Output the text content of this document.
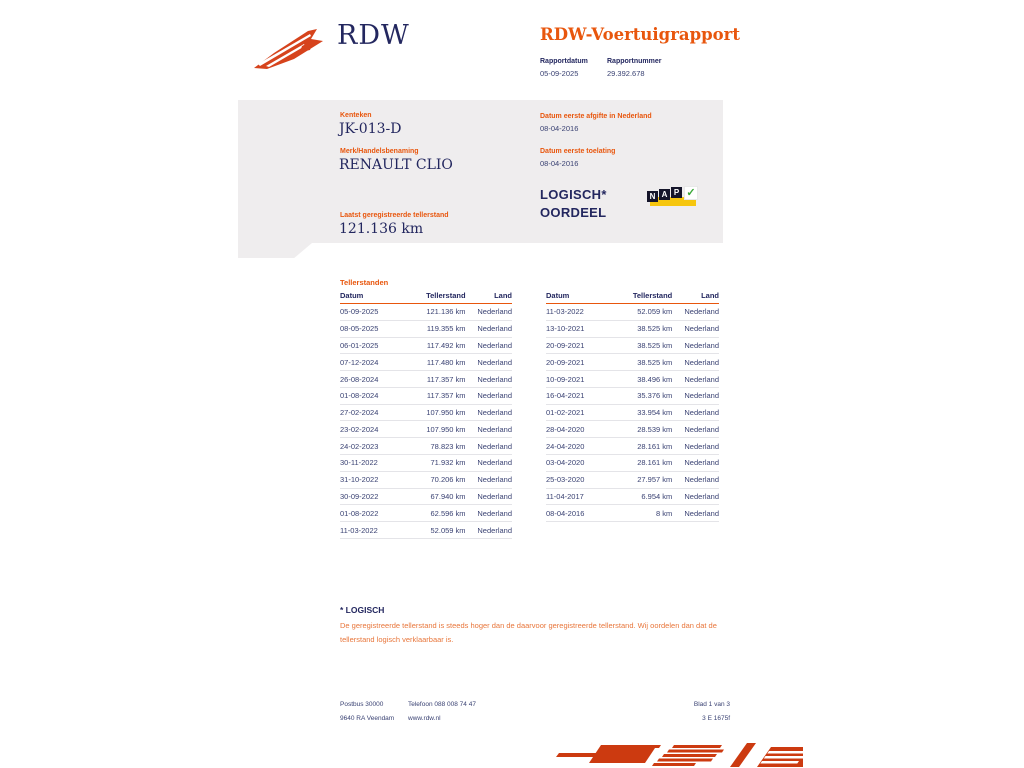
RDW	RDW-Voertuigrapport
Rapportdatum	Rapportnummer
05-09-2025	29.392.678
Kenteken
JK-013-D
Merk/Handelsbenaming
RENAULT CLIO
Laatst geregistreerde tellerstand
121.136 km
Datum eerste afgifte in Nederland
08-04-2016
Datum eerste toelating
08-04-2016
LOGISCH*
OORDEEL
N A P ✓
Tellerstanden
Datum	Tellerstand	Land
05-09-2025	121.136 km	Nederland
08-05-2025	119.355 km	Nederland
06-01-2025	117.492 km	Nederland
07-12-2024	117.480 km	Nederland
26-08-2024	117.357 km	Nederland
01-08-2024	117.357 km	Nederland
27-02-2024	107.950 km	Nederland
23-02-2024	107.950 km	Nederland
24-02-2023	78.823 km	Nederland
30-11-2022	71.932 km	Nederland
31-10-2022	70.206 km	Nederland
30-09-2022	67.940 km	Nederland
01-08-2022	62.596 km	Nederland
11-03-2022	52.059 km	Nederland
Datum	Tellerstand	Land
11-03-2022	52.059 km	Nederland
13-10-2021	38.525 km	Nederland
20-09-2021	38.525 km	Nederland
20-09-2021	38.525 km	Nederland
10-09-2021	38.496 km	Nederland
16-04-2021	35.376 km	Nederland
01-02-2021	33.954 km	Nederland
28-04-2020	28.539 km	Nederland
24-04-2020	28.161 km	Nederland
03-04-2020	28.161 km	Nederland
25-03-2020	27.957 km	Nederland
11-04-2017	6.954 km	Nederland
08-04-2016	8 km	Nederland
* LOGISCH
De geregistreerde tellerstand is steeds hoger dan de daarvoor geregistreerde tellerstand. Wij oordelen dan dat de tellerstand logisch verklaarbaar is.
Postbus 30000
9640 RA Veendam
Telefoon 088 008 74 47
www.rdw.nl
Blad 1 van 3
3 E 1675f
